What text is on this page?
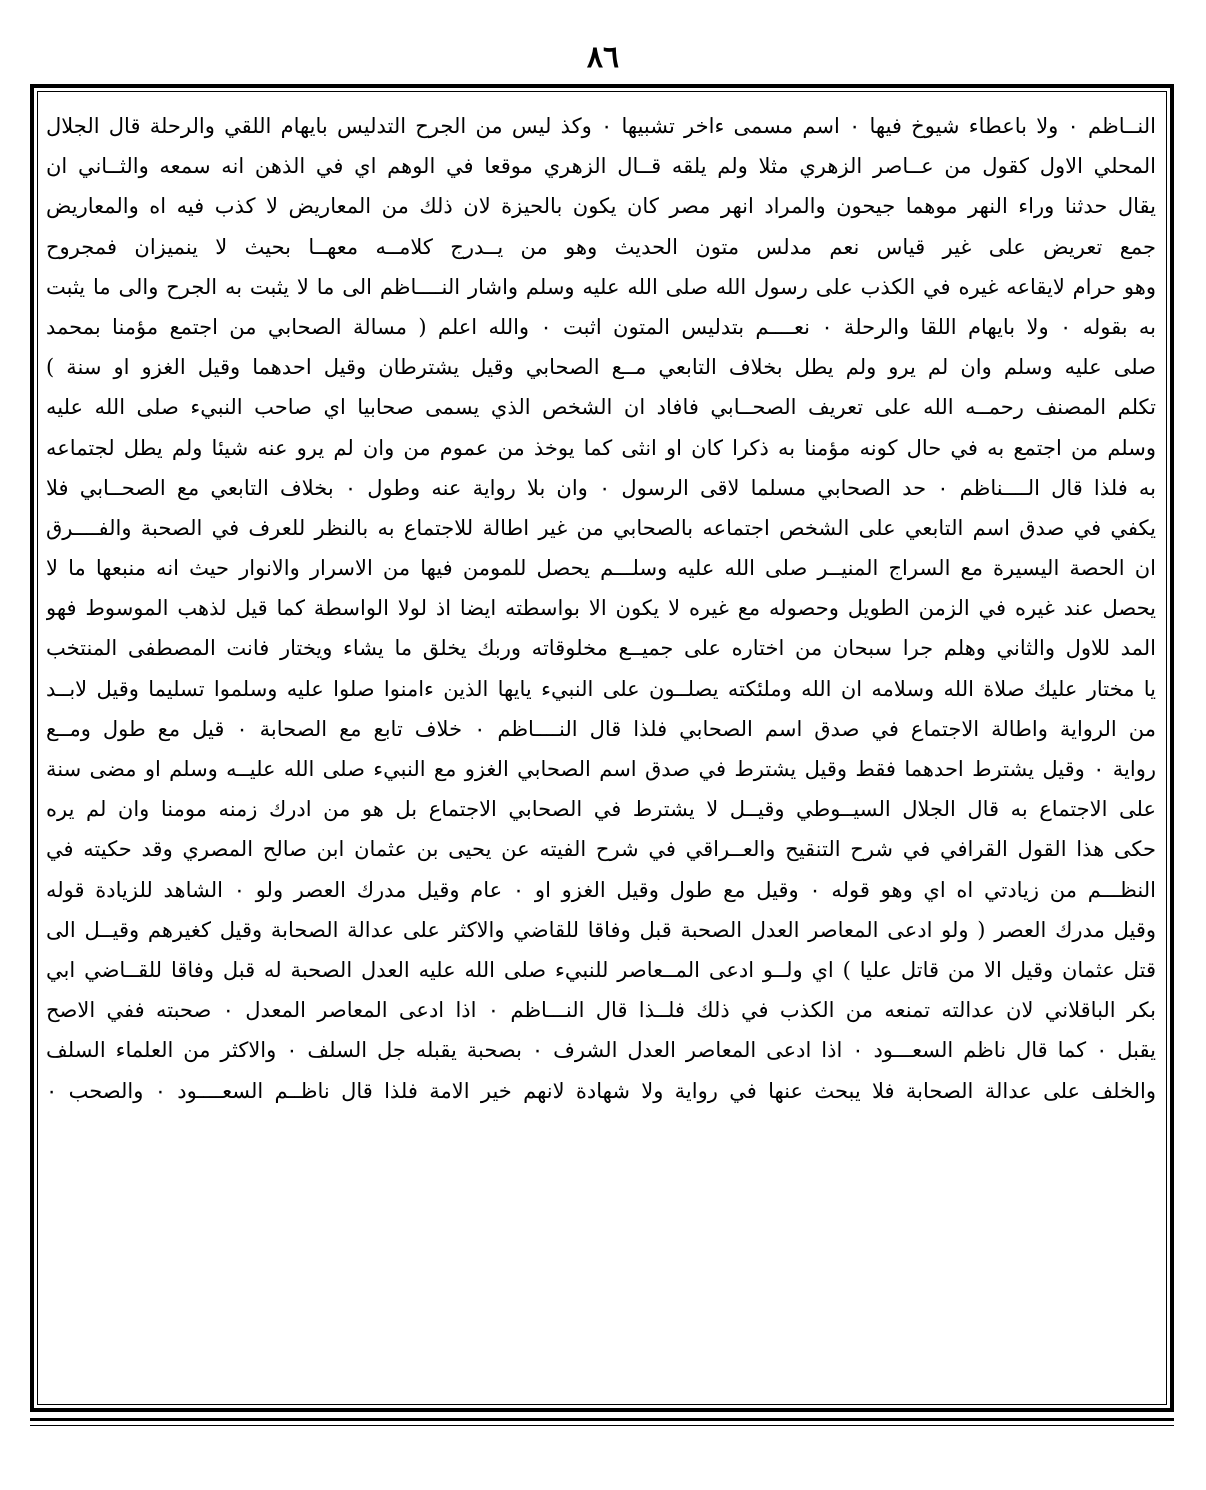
٨٦
النــاظم ٠ ولا باعطاء شيوخ فيها ٠ اسم مسمى ءاخر تشبيها ٠ وكذ ليس من الجرح التدليس بايهام اللقي والرحلة قال الجلال
المحلي الاول كقول من عــاصر الزهري مثلا ولم يلقه قــال الزهري موقعا في الوهم اي في الذهن انه سمعه والثــاني ان
يقال حدثنا وراء النهر موهما جيحون والمراد انهر مصر كان يكون بالحيزة لان ذلك من المعاريض لا كذب فيه اه والمعاريض
جمع تعريض على غير قياس نعم مدلس متون الحديث وهو من يــدرج كلامــه معهــا بحيث لا ينميزان فمجروح
وهو حرام لايقاعه غيره في الكذب على رسول الله صلى الله عليه وسلم واشار النــــاظم الى ما لا يثبت به الجرح والى ما يثبت
به بقوله ٠ ولا بايهام اللقا والرحلة ٠ نعــــم بتدليس المتون اثبت ٠ والله اعلم ( مسالة الصحابي من اجتمع مؤمنا بمحمد
صلى عليه وسلم وان لم يرو ولم يطل بخلاف التابعي مــع الصحابي وقيل يشترطان وقيل احدهما وقيل الغزو او سنة )
تكلم المصنف رحمــه الله على تعريف الصحــابي فافاد ان الشخص الذي يسمى صحابيا اي صاحب النبيء صلى الله عليه
وسلم من اجتمع به في حال كونه مؤمنا به ذكرا كان او انثى كما يوخذ من عموم من وان لم يرو عنه شيئا ولم يطل لجتماعه
به فلذا قال الــــناظم ٠ حد الصحابي مسلما لاقى الرسول ٠ وان بلا رواية عنه وطول ٠ بخلاف التابعي مع الصحــابي فلا
يكفي في صدق اسم التابعي على الشخص اجتماعه بالصحابي من غير اطالة للاجتماع به بالنظر للعرف في الصحبة والفــــرق
ان الحصة اليسيرة مع السراج المنيــر صلى الله عليه وسلـــم يحصل للمومن فيها من الاسرار والانوار حيث انه منبعها ما لا
يحصل عند غيره في الزمن الطويل وحصوله مع غيره لا يكون الا بواسطته ايضا اذ لولا الواسطة كما قيل لذهب الموسوط فهو
المد للاول والثاني وهلم جرا سبحان من اختاره على جميــع مخلوقاته وربك يخلق ما يشاء ويختار فانت المصطفى المنتخب
يا مختار عليك صلاة الله وسلامه ان الله وملئكته يصلــون على النبيء يايها الذين ءامنوا صلوا عليه وسلموا تسليما وقيل لابــد
من الرواية واطالة الاجتماع في صدق اسم الصحابي فلذا قال النــــاظم ٠ خلاف تابع مع الصحابة ٠ قيل مع طول ومــع
رواية ٠ وقيل يشترط احدهما فقط وقيل يشترط في صدق اسم الصحابي الغزو مع النبيء صلى الله عليــه وسلم او مضى سنة
على الاجتماع به قال الجلال السيــوطي وقيــل لا يشترط في الصحابي الاجتماع بل هو من ادرك زمنه مومنا وان لم يره
حكى هذا القول القرافي في شرح التنقيح والعــراقي في شرح الفيته عن يحيى بن عثمان ابن صالح المصري وقد حكيته في
النظـــم من زيادتي اه اي وهو قوله ٠ وقيل مع طول وقيل الغزو او ٠ عام وقيل مدرك العصر ولو ٠ الشاهد للزيادة قوله
وقيل مدرك العصر ( ولو ادعى المعاصر العدل الصحبة قبل وفاقا للقاضي والاكثر على عدالة الصحابة وقيل كغيرهم وقيــل الى
قتل عثمان وقيل الا من قاتل عليا ) اي ولــو ادعى المــعاصر للنبيء صلى الله عليه العدل الصحبة له قبل وفاقا للقــاضي ابي
بكر الباقلاني لان عدالته تمنعه من الكذب في ذلك فلــذا قال النـــاظم ٠ اذا ادعى المعاصر المعدل ٠ صحبته ففي الاصح
يقبل ٠ كما قال ناظم السعـــود ٠ اذا ادعى المعاصر العدل الشرف ٠ بصحبة يقبله جل السلف ٠ والاكثر من العلماء السلف
والخلف على عدالة الصحابة فلا يبحث عنها في رواية ولا شهادة لانهم خير الامة فلذا قال ناظــم السعــــود ٠ والصحب ٠
